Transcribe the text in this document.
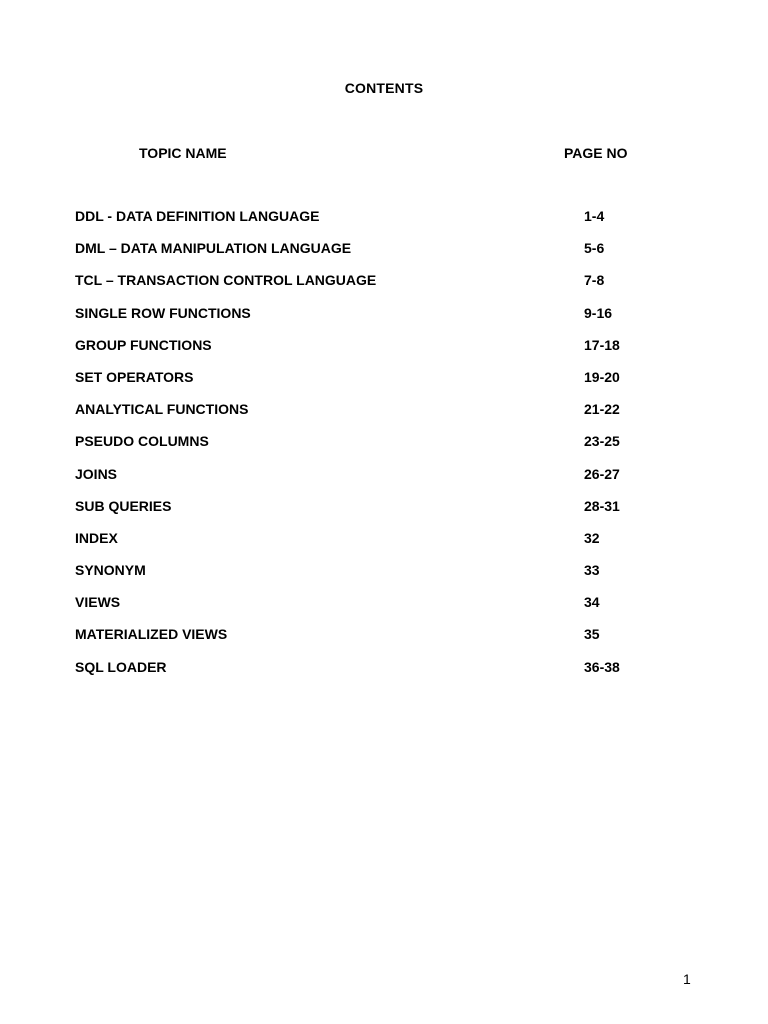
CONTENTS
TOPIC NAME	PAGE NO
DDL - DATA DEFINITION LANGUAGE	1-4
DML – DATA MANIPULATION LANGUAGE	5-6
TCL – TRANSACTION CONTROL LANGUAGE	7-8
SINGLE ROW FUNCTIONS	9-16
GROUP FUNCTIONS	17-18
SET OPERATORS	19-20
ANALYTICAL FUNCTIONS	21-22
PSEUDO COLUMNS	23-25
JOINS	26-27
SUB QUERIES	28-31
INDEX	32
SYNONYM	33
VIEWS	34
MATERIALIZED VIEWS	35
SQL LOADER	36-38
1
